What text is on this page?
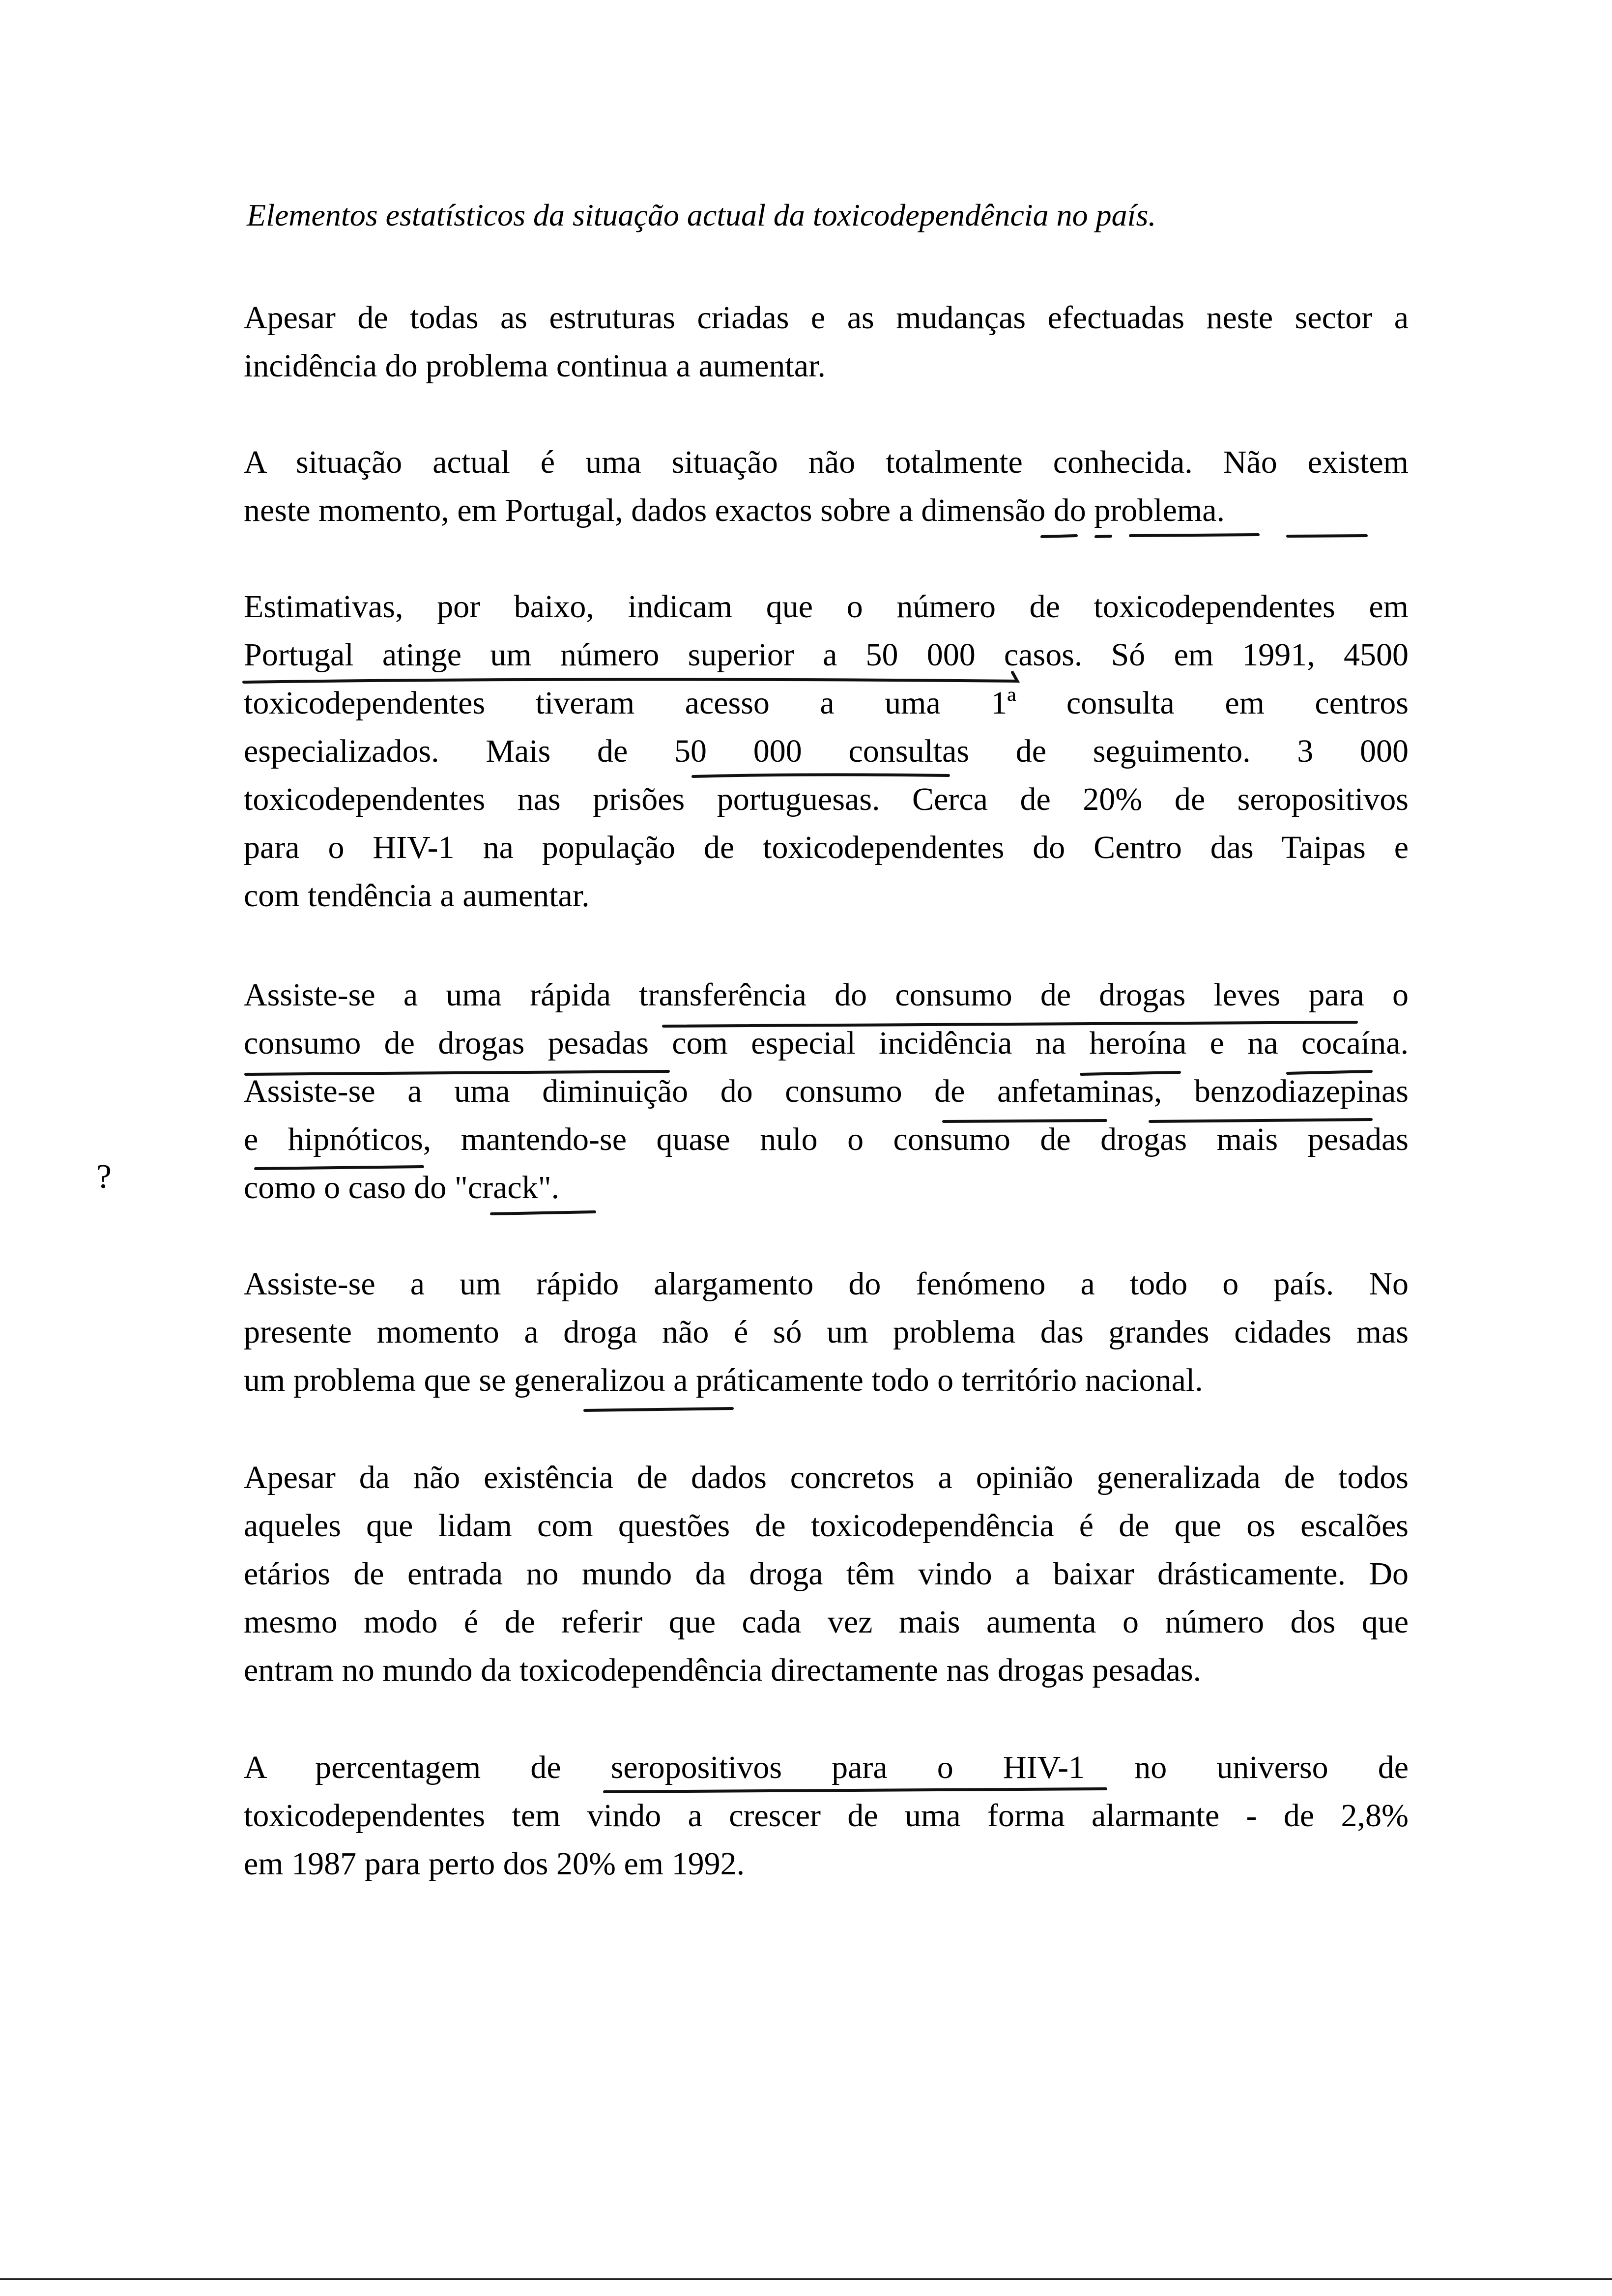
Elementos estatísticos da situação actual da toxicodependência no país.

Apesar de todas as estruturas criadas e as mudanças efectuadas neste sector a
incidência do problema continua a aumentar.

A situação actual é uma situação não totalmente conhecida. Não existem
neste momento, em Portugal, dados exactos sobre a dimensão do problema.

Estimativas, por baixo, indicam que o número de toxicodependentes em
Portugal atinge um número superior a 50 000 casos. Só em 1991, 4500
toxicodependentes tiveram acesso a uma 1ª consulta em centros
especializados. Mais de 50 000 consultas de seguimento. 3 000
toxicodependentes nas prisões portuguesas. Cerca de 20% de seropositivos
para o HIV-1 na população de toxicodependentes do Centro das Taipas e
com tendência a aumentar.

Assiste-se a uma rápida transferência do consumo de drogas leves para o
consumo de drogas pesadas com especial incidência na heroína e na cocaína.
Assiste-se a uma diminuição do consumo de anfetaminas, benzodiazepinas
e hipnóticos, mantendo-se quase nulo o consumo de drogas mais pesadas
como o caso do "crack".

Assiste-se a um rápido alargamento do fenómeno a todo o país. No
presente momento a droga não é só um problema das grandes cidades mas
um problema que se generalizou a práticamente todo o território nacional.

Apesar da não existência de dados concretos a opinião generalizada de todos
aqueles que lidam com questões de toxicodependência é de que os escalões
etários de entrada no mundo da droga têm vindo a baixar drásticamente. Do
mesmo modo é de referir que cada vez mais aumenta o número dos que
entram no mundo da toxicodependência directamente nas drogas pesadas.

A percentagem de seropositivos para o HIV-1 no universo de
toxicodependentes tem vindo a crescer de uma forma alarmante - de 2,8%
em 1987 para perto dos 20% em 1992.

?
